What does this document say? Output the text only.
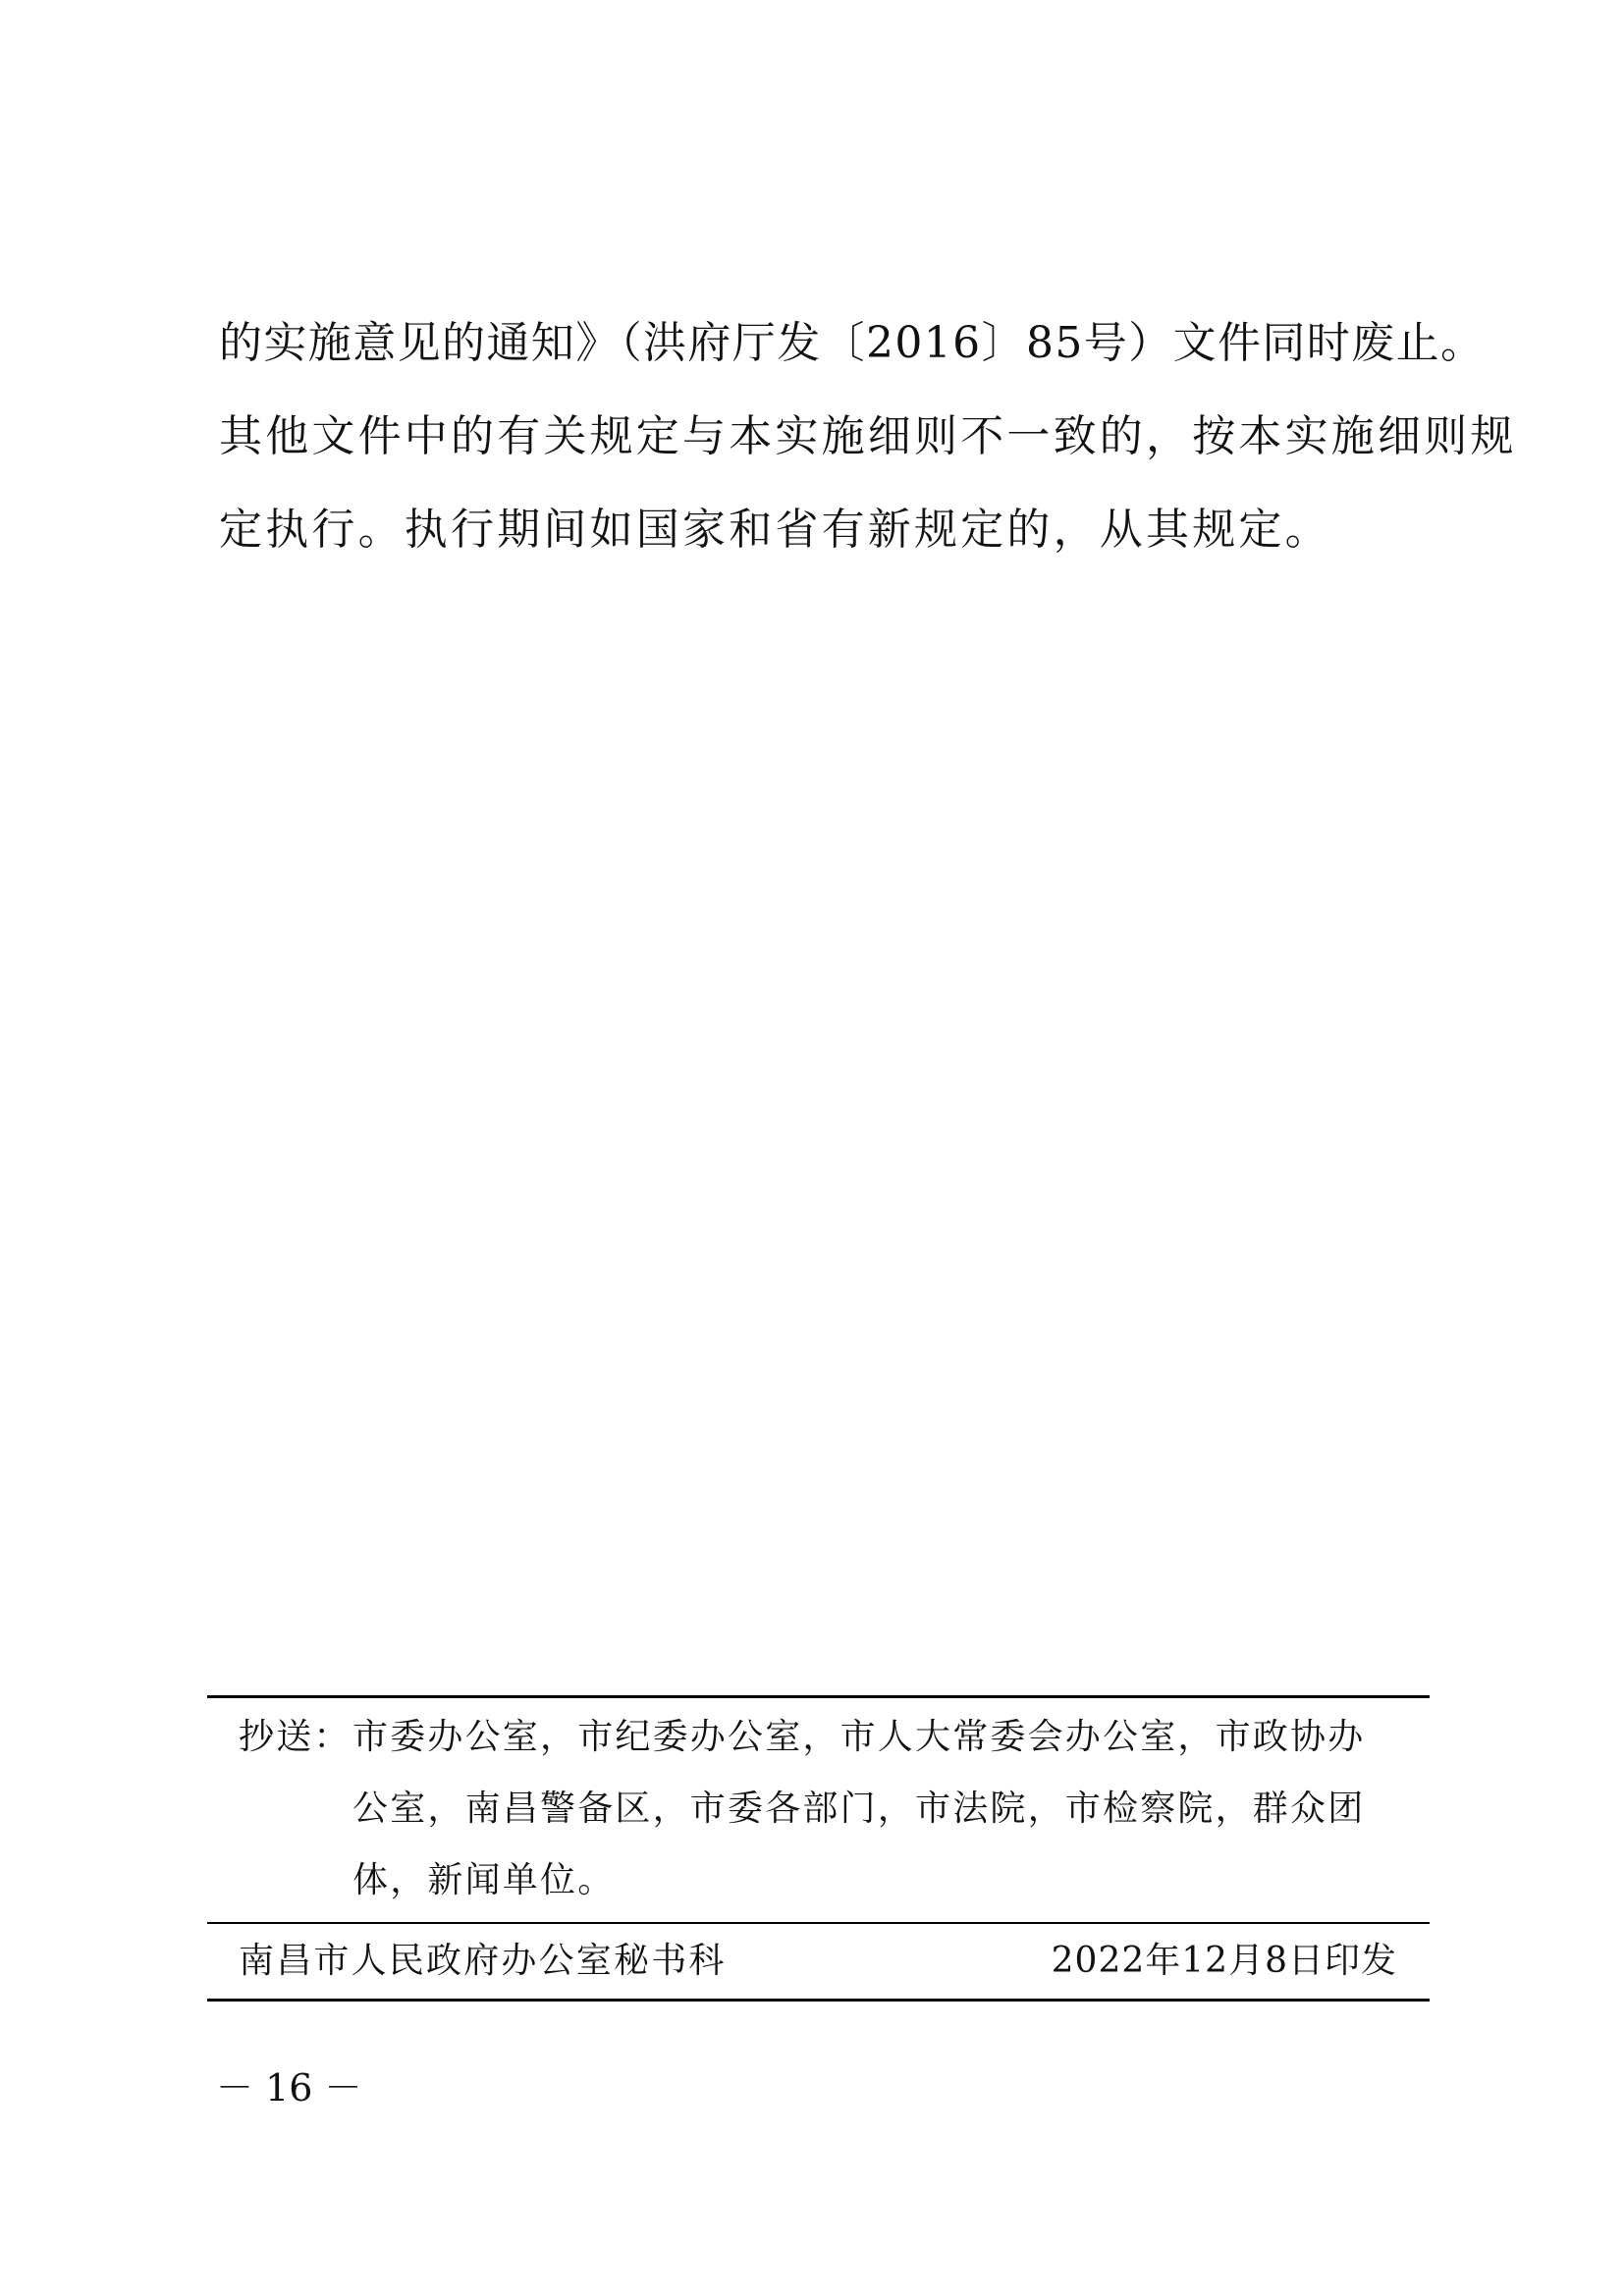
的实施意见的通知》（洪府厅发〔2016〕85号）文件同时废止。
其他文件中的有关规定与本实施细则不一致的，按本实施细则规
定执行。执行期间如国家和省有新规定的，从其规定。
抄送：市委办公室，市纪委办公室，市人大常委会办公室，市政协办
公室，南昌警备区，市委各部门，市法院，市检察院，群众团
体，新闻单位。
南昌市人民政府办公室秘书科	2022年12月8日印发
－ 16 －
